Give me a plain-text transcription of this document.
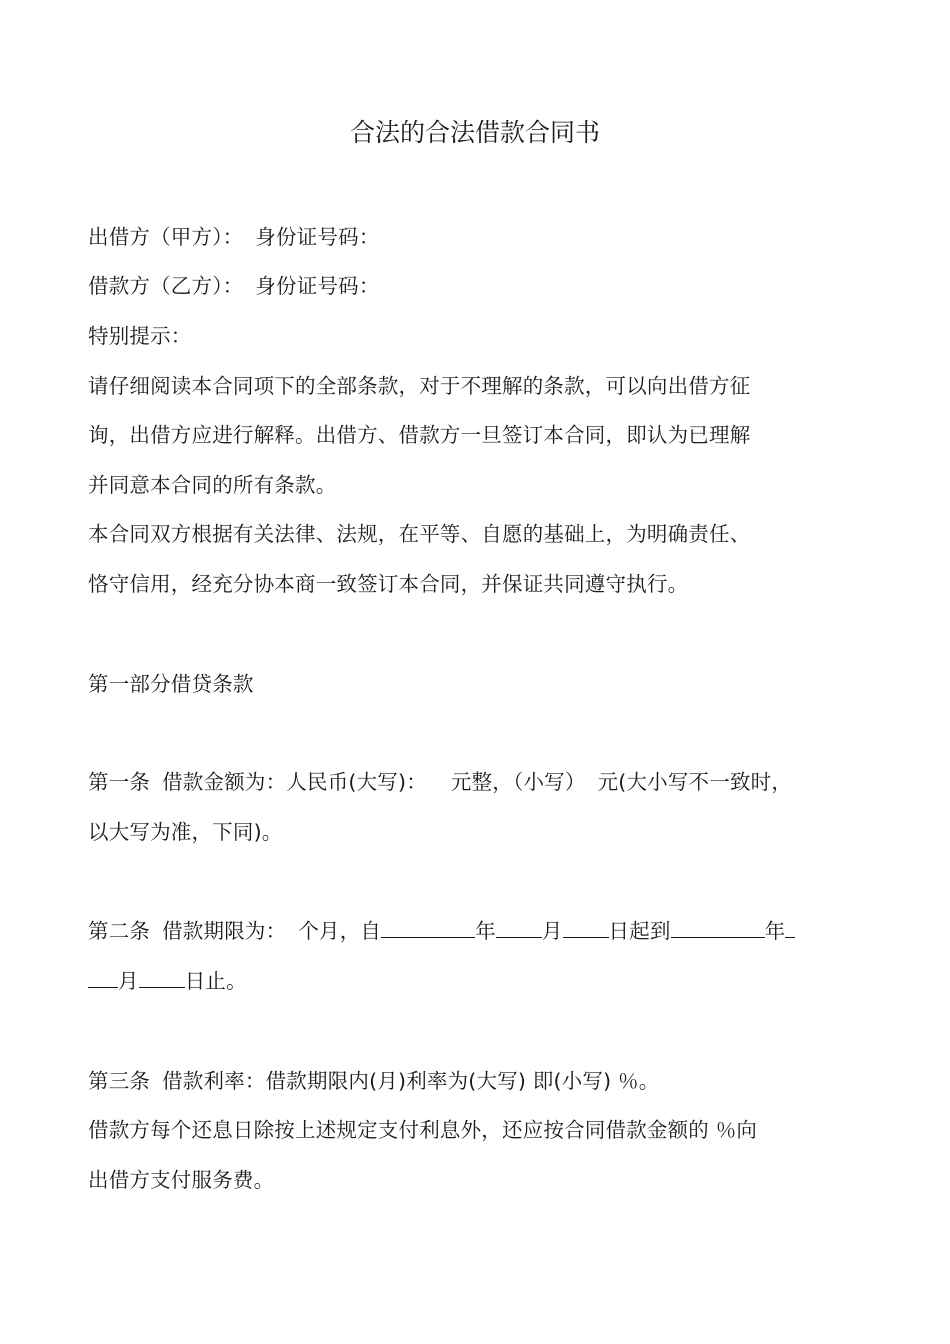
合法的合法借款合同书
出借方（甲方）： 身份证号码：
借款方（乙方）： 身份证号码：
特别提示：
请仔细阅读本合同项下的全部条款，对于不理解的条款，可以向出借方征
询，出借方应进行解释。出借方、借款方一旦签订本合同，即认为已理解
并同意本合同的所有条款。
本合同双方根据有关法律、法规，在平等、自愿的基础上，为明确责任、
恪守信用，经充分协本商一致签订本合同，并保证共同遵守执行。
第一部分借贷条款
第一条 借款金额为：人民币(大写)： 元整，（小写） 元(大小写不一致时，
以大写为准，下同)。
第二条 借款期限为： 个月，自	年 月 日起到	年
月 日止。
第三条 借款利率：借款期限内(月)利率为(大写) 即(小写) ％。
借款方每个还息日除按上述规定支付利息外，还应按合同借款金额的 ％向
出借方支付服务费。
